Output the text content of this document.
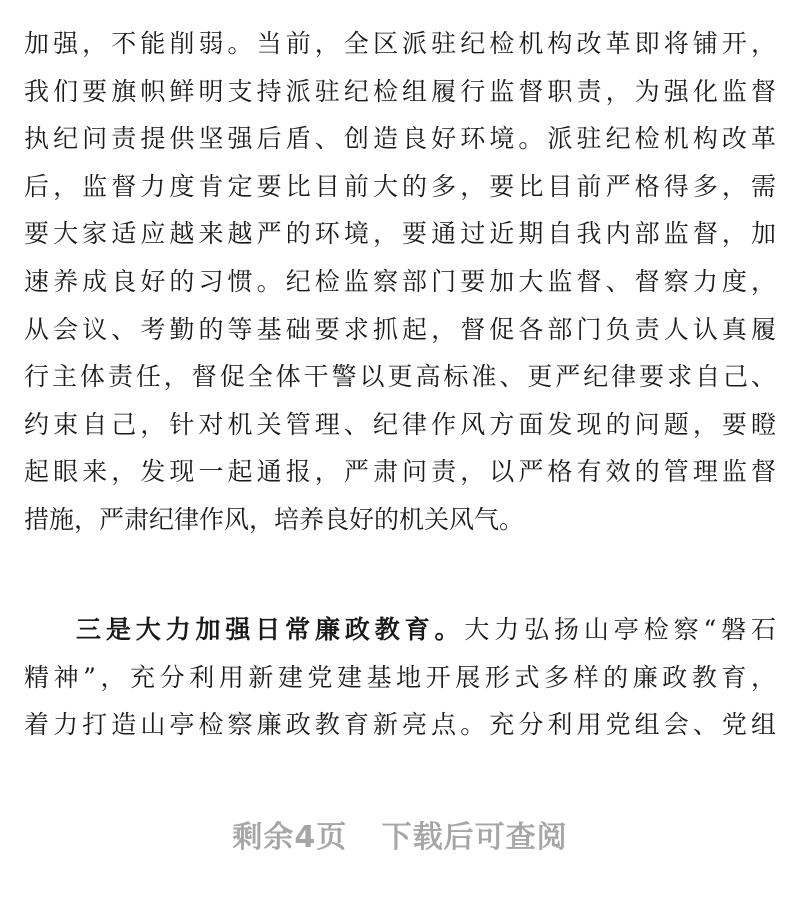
加强，不能削弱。当前，全区派驻纪检机构改革即将铺开，
我们要旗帜鲜明支持派驻纪检组履行监督职责，为强化监督
执纪问责提供坚强后盾、创造良好环境。派驻纪检机构改革
后，监督力度肯定要比目前大的多，要比目前严格得多，需
要大家适应越来越严的环境，要通过近期自我内部监督，加
速养成良好的习惯。纪检监察部门要加大监督、督察力度，
从会议、考勤的等基础要求抓起，督促各部门负责人认真履
行主体责任，督促全体干警以更高标准、更严纪律要求自己、
约束自己，针对机关管理、纪律作风方面发现的问题，要瞪
起眼来，发现一起通报，严肃问责，以严格有效的管理监督
措施，严肃纪律作风，培养良好的机关风气。
三是大力加强日常廉政教育。大力弘扬山亭检察“磐石
精神”，充分利用新建党建基地开展形式多样的廉政教育，
着力打造山亭检察廉政教育新亮点。充分利用党组会、党组
剩余4页 下载后可查阅
